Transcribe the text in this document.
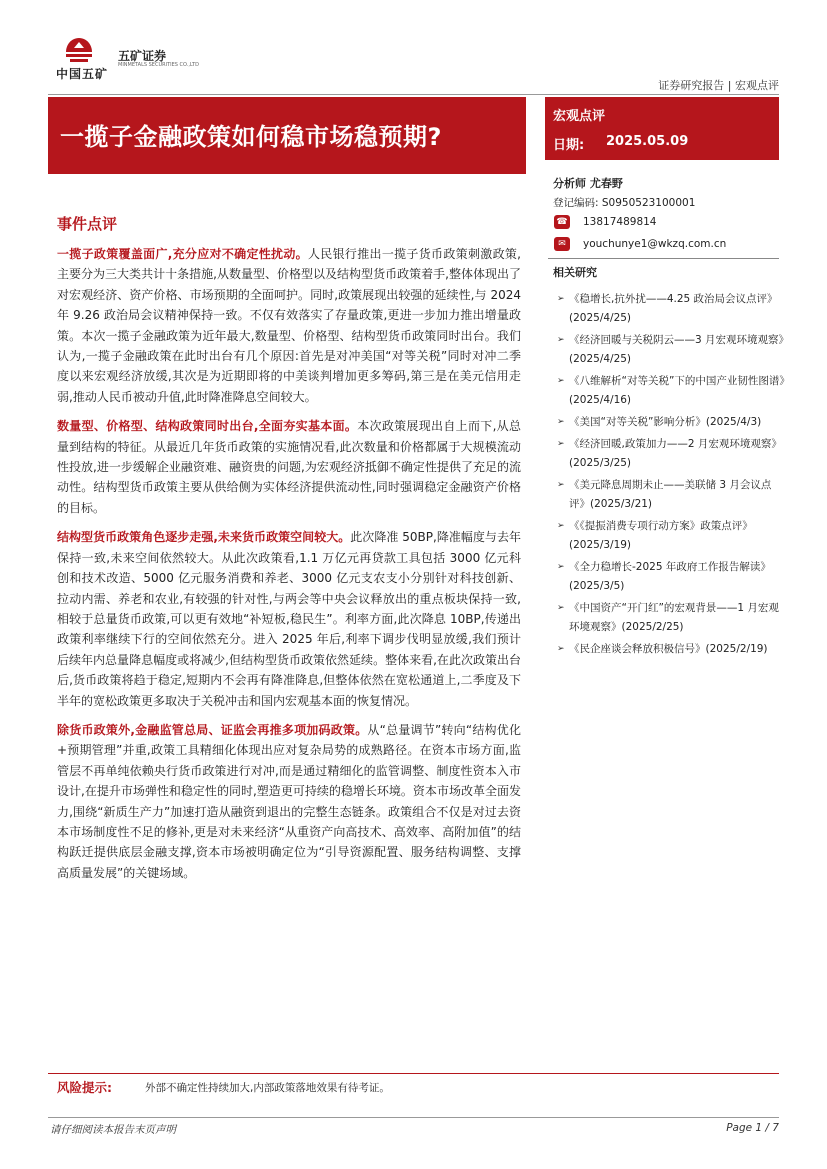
中国五矿
五矿证券
MINMETALS SECURITIES CO.,LTD
证券研究报告 | 宏观点评
一揽子金融政策如何稳市场稳预期?
宏观点评
日期: 2025.05.09
分析师 尤春野
登记编码: S0950523100001
☎ 13817489814
✉	youchunye1@wkzq.com.cn
相关研究
➢ 《稳增长,抗外扰——4.25 政治局会议点评》(2025/4/25)
➢ 《经济回暖与关税阴云——3 月宏观环境观察》(2025/4/25)
➢ 《八维解析“对等关税”下的中国产业韧性图谱》(2025/4/16)
➢ 《美国“对等关税”影响分析》(2025/4/3)
➢ 《经济回暖,政策加力——2 月宏观环境观察》(2025/3/25)
➢ 《美元降息周期未止——美联储 3 月会议点评》(2025/3/21)
➢ 《《提振消费专项行动方案》政策点评》(2025/3/19)
➢ 《全力稳增长-2025 年政府工作报告解读》(2025/3/5)
➢ 《中国资产“开门红”的宏观背景——1 月宏观环境观察》(2025/2/25)
➢ 《民企座谈会释放积极信号》(2025/2/19)
事件点评

一揽子政策覆盖面广,充分应对不确定性扰动。人民银行推出一揽子货币政策刺激政策,主要分为三大类共计十条措施,从数量型、价格型以及结构型货币政策着手,整体体现出了对宏观经济、资产价格、市场预期的全面呵护。同时,政策展现出较强的延续性,与 2024 年 9.26 政治局会议精神保持一致。不仅有效落实了存量政策,更进一步加力推出增量政策。本次一揽子金融政策为近年最大,数量型、价格型、结构型货币政策同时出台。我们认为,一揽子金融政策在此时出台有几个原因:首先是对冲美国“对等关税”同时对冲二季度以来宏观经济放缓,其次是为近期即将的中美谈判增加更多筹码,第三是在美元信用走弱,推动人民币被动升值,此时降准降息空间较大。

数量型、价格型、结构政策同时出台,全面夯实基本面。本次政策展现出自上而下,从总量到结构的特征。从最近几年货币政策的实施情况看,此次数量和价格都属于大规模流动性投放,进一步缓解企业融资难、融资贵的问题,为宏观经济抵御不确定性提供了充足的流动性。结构型货币政策主要从供给侧为实体经济提供流动性,同时强调稳定金融资产价格的目标。

结构型货币政策角色逐步走强,未来货币政策空间较大。此次降准 50BP,降准幅度与去年保持一致,未来空间依然较大。从此次政策看,1.1 万亿元再贷款工具包括 3000 亿元科创和技术改造、5000 亿元服务消费和养老、3000 亿元支农支小分别针对科技创新、拉动内需、养老和农业,有较强的针对性,与两会等中央会议释放出的重点板块保持一致,相较于总量货币政策,可以更有效地“补短板,稳民生”。利率方面,此次降息 10BP,传递出政策利率继续下行的空间依然充分。进入 2025 年后,利率下调步伐明显放缓,我们预计后续年内总量降息幅度或将减少,但结构型货币政策依然延续。整体来看,在此次政策出台后,货币政策将趋于稳定,短期内不会再有降准降息,但整体依然在宽松通道上,二季度及下半年的宽松政策更多取决于关税冲击和国内宏观基本面的恢复情况。

除货币政策外,金融监管总局、证监会再推多项加码政策。从“总量调节”转向“结构优化+预期管理”并重,政策工具精细化体现出应对复杂局势的成熟路径。在资本市场方面,监管层不再单纯依赖央行货币政策进行对冲,而是通过精细化的监管调整、制度性资本入市设计,在提升市场弹性和稳定性的同时,塑造更可持续的稳增长环境。资本市场改革全面发力,围绕“新质生产力”加速打造从融资到退出的完整生态链条。政策组合不仅是对过去资本市场制度性不足的修补,更是对未来经济“从重资产向高技术、高效率、高附加值”的结构跃迁提供底层金融支撑,资本市场被明确定位为“引导资源配置、服务结构调整、支撑高质量发展”的关键场域。

风险提示:	外部不确定性持续加大,内部政策落地效果有待考证。
请仔细阅读本报告末页声明	Page 1 / 7
